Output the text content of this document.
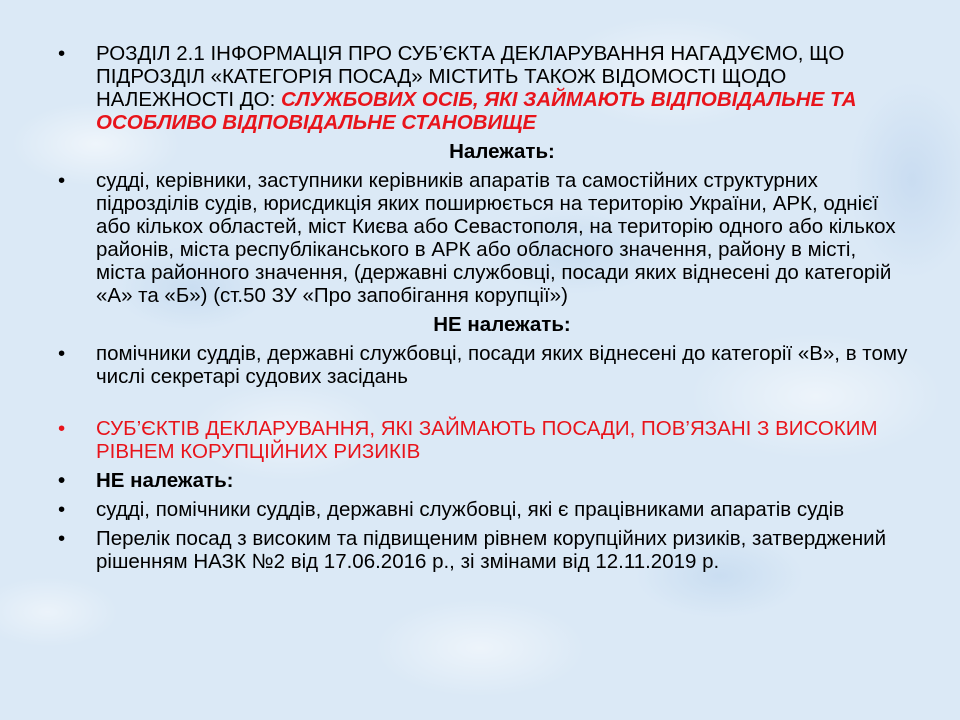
•	РОЗДІЛ 2.1 ІНФОРМАЦІЯ ПРО СУБ’ЄКТА ДЕКЛАРУВАННЯ НАГАДУЄМО, ЩО ПІДРОЗДІЛ «КАТЕГОРІЯ ПОСАД» МІСТИТЬ ТАКОЖ ВІДОМОСТІ ЩОДО НАЛЕЖНОСТІ ДО: СЛУЖБОВИХ ОСІБ, ЯКІ ЗАЙМАЮТЬ ВІДПОВІДАЛЬНЕ ТА ОСОБЛИВО ВІДПОВІДАЛЬНЕ СТАНОВИЩЕ
Належать:
•	судді, керівники, заступники керівників апаратів та самостійних структурних підрозділів судів, юрисдикція яких поширюється на територію України, АРК, однієї або кількох областей, міст Києва або Севастополя, на територію одного або кількох районів, міста республіканського в АРК або обласного значення, району в місті, міста районного значення, (державні службовці, посади яких віднесені до категорій «А» та «Б») (ст.50 ЗУ «Про запобігання корупції»)
НЕ належать:
•	помічники суддів, державні службовці, посади яких віднесені до категорії «В», в тому числі секретарі судових засідань
•	СУБ’ЄКТІВ ДЕКЛАРУВАННЯ, ЯКІ ЗАЙМАЮТЬ ПОСАДИ, ПОВ’ЯЗАНІ З ВИСОКИМ РІВНЕМ КОРУПЦІЙНИХ РИЗИКІВ
•	НЕ належать:
•	судді, помічники суддів, державні службовці, які є працівниками апаратів судів
•	Перелік посад з високим та підвищеним рівнем корупційних ризиків, затверджений рішенням НАЗК №2 від 17.06.2016 р., зі змінами від 12.11.2019 р.
